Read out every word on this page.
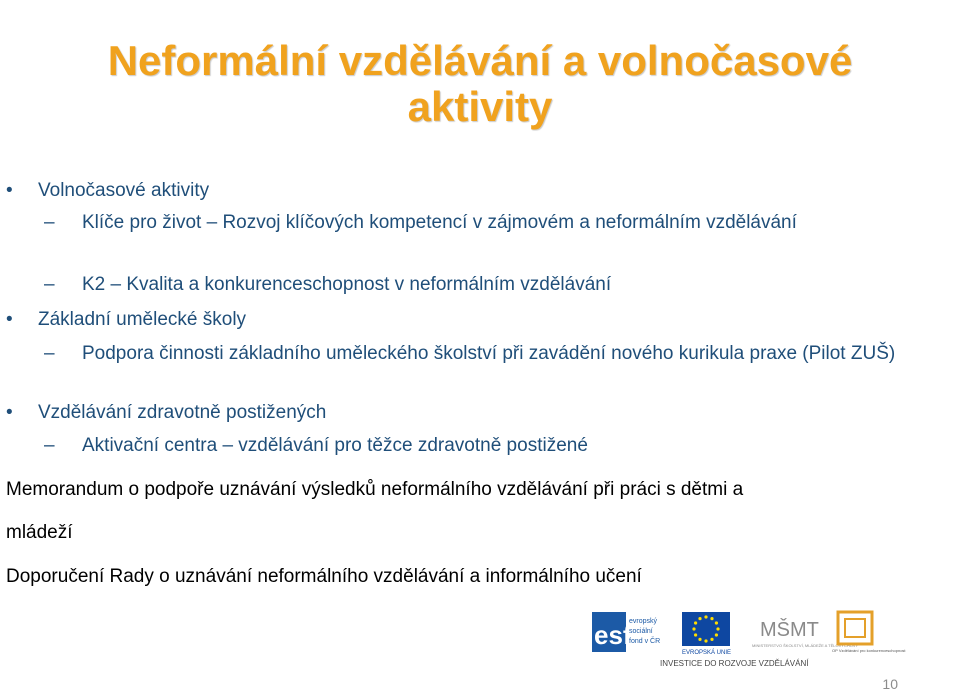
Neformální vzdělávání a volnočasové
aktivity
• Volnočasové aktivity
– Klíče pro život – Rozvoj klíčových kompetencí v zájmovém a neformálním vzdělávání
– K2 – Kvalita a konkurenceschopnost v neformálním vzdělávání
• Základní umělecké školy
– Podpora činnosti základního uměleckého školství při zavádění nového kurikula praxe (Pilot ZUŠ)
• Vzdělávání zdravotně postižených
– Aktivační centra – vzdělávání pro těžce zdravotně postižené
Memorandum o podpoře uznávání výsledků neformálního vzdělávání při práci s dětmi a
mládeží
Doporučení Rady o uznávání neformálního vzdělávání a informálního učení
esf
evropský
sociální
fond v ČR
EVROPSKÁ UNIE
MŠMT
MINISTERSTVO ŠKOLSTVÍ, MLÁDEŽE A TĚLOVÝCHOVY
OP Vzdělávání pro konkurenceschopnost
INVESTICE DO ROZVOJE VZDĚLÁVÁNÍ
10
